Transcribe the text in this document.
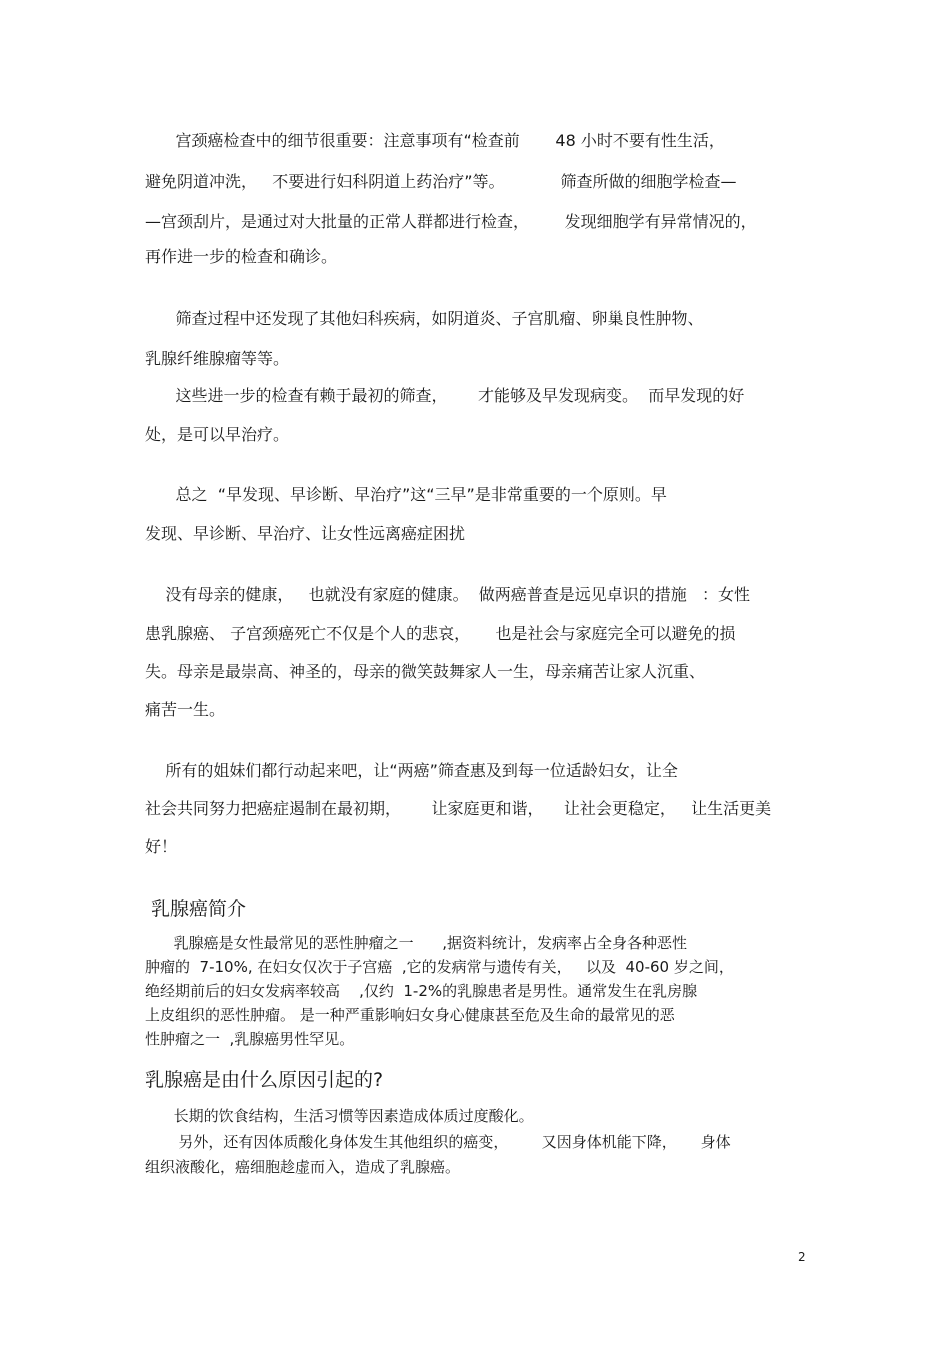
宫颈癌检查中的细节很重要：注意事项有“检查前       48 小时不要有性生活，
避免阴道冲洗，   不要进行妇科阴道上药治疗”等。           筛查所做的细胞学检查—
—宫颈刮片，是通过对大批量的正常人群都进行检查，       发现细胞学有异常情况的，
再作进一步的检查和确诊。
筛查过程中还发现了其他妇科疾病，如阴道炎、子宫肌瘤、卵巢良性肿物、
乳腺纤维腺瘤等等。
这些进一步的检查有赖于最初的筛查，      才能够及早发现病变。  而早发现的好
处，是可以早治疗。
总之  “早发现、早诊断、早治疗”这“三早”是非常重要的一个原则。早
发现、早诊断、早治疗、让女性远离癌症困扰
没有母亲的健康，   也就没有家庭的健康。  做两癌普查是远见卓识的措施   ：女性
患乳腺癌、 子宫颈癌死亡不仅是个人的悲哀，     也是社会与家庭完全可以避免的损
失。母亲是最崇高、神圣的，母亲的微笑鼓舞家人一生，母亲痛苦让家人沉重、
痛苦一生。
所有的姐妹们都行动起来吧，让“两癌”筛查惠及到每一位适龄妇女，让全
社会共同努力把癌症遏制在最初期，      让家庭更和谐，    让社会更稳定，   让生活更美
好！
乳腺癌简介
乳腺癌是女性最常见的恶性肿瘤之一      ,据资料统计，发病率占全身各种恶性
肿瘤的  7-10%, 在妇女仅次于子宫癌  ,它的发病常与遗传有关，   以及  40-60 岁之间，
绝经期前后的妇女发病率较高    ,仅约  1-2%的乳腺患者是男性。通常发生在乳房腺
上皮组织的恶性肿瘤。 是一种严重影响妇女身心健康甚至危及生命的最常见的恶
性肿瘤之一  ,乳腺癌男性罕见。
乳腺癌是由什么原因引起的?
长期的饮食结构，生活习惯等因素造成体质过度酸化。
另外，还有因体质酸化身体发生其他组织的癌变，       又因身体机能下降，     身体
组织液酸化，癌细胞趁虚而入，造成了乳腺癌。
2
